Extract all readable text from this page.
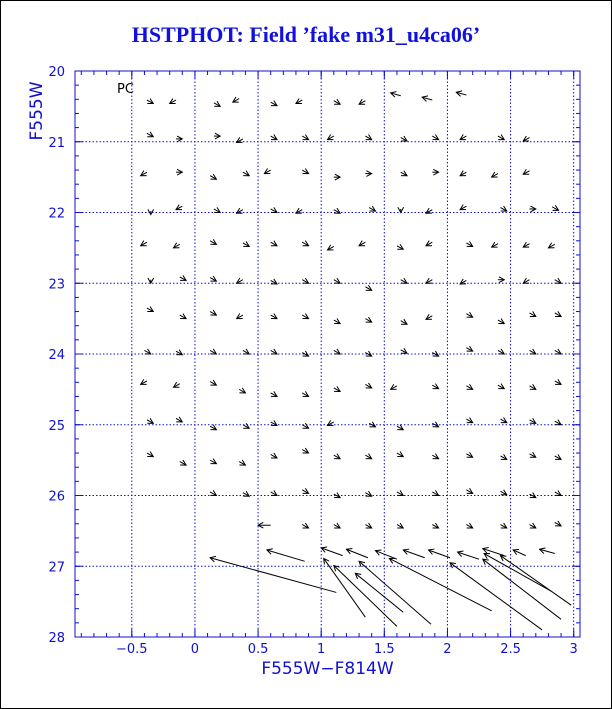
HSTPHOT: Field ’fake m31_u4ca06’
−0.5	0	0.5	1	1.5	2	2.5	3
20
21
22
23
24
25
26
27
28
PC
F555W−F814W
F555W
